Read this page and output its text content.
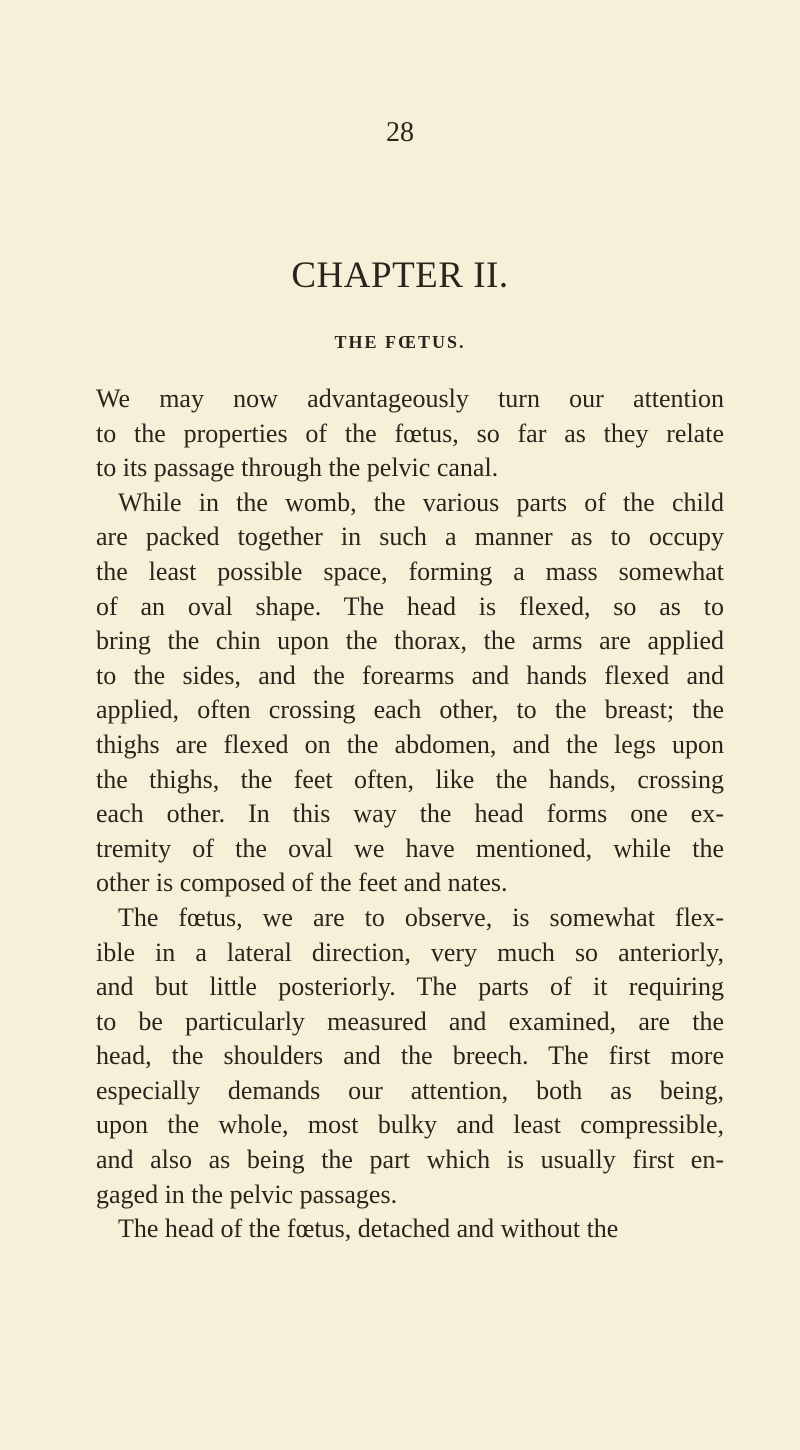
28
CHAPTER II.
THE FŒTUS.
We may now advantageously turn our attention
to the properties of the fœtus, so far as they relate
to its passage through the pelvic canal.
While in the womb, the various parts of the child
are packed together in such a manner as to occupy
the least possible space, forming a mass somewhat
of an oval shape. The head is flexed, so as to
bring the chin upon the thorax, the arms are applied
to the sides, and the forearms and hands flexed and
applied, often crossing each other, to the breast; the
thighs are flexed on the abdomen, and the legs upon
the thighs, the feet often, like the hands, crossing
each other. In this way the head forms one ex-
tremity of the oval we have mentioned, while the
other is composed of the feet and nates.
The fœtus, we are to observe, is somewhat flex-
ible in a lateral direction, very much so anteriorly,
and but little posteriorly. The parts of it requiring
to be particularly measured and examined, are the
head, the shoulders and the breech. The first more
especially demands our attention, both as being,
upon the whole, most bulky and least compressible,
and also as being the part which is usually first en-
gaged in the pelvic passages.
The head of the fœtus, detached and without the
